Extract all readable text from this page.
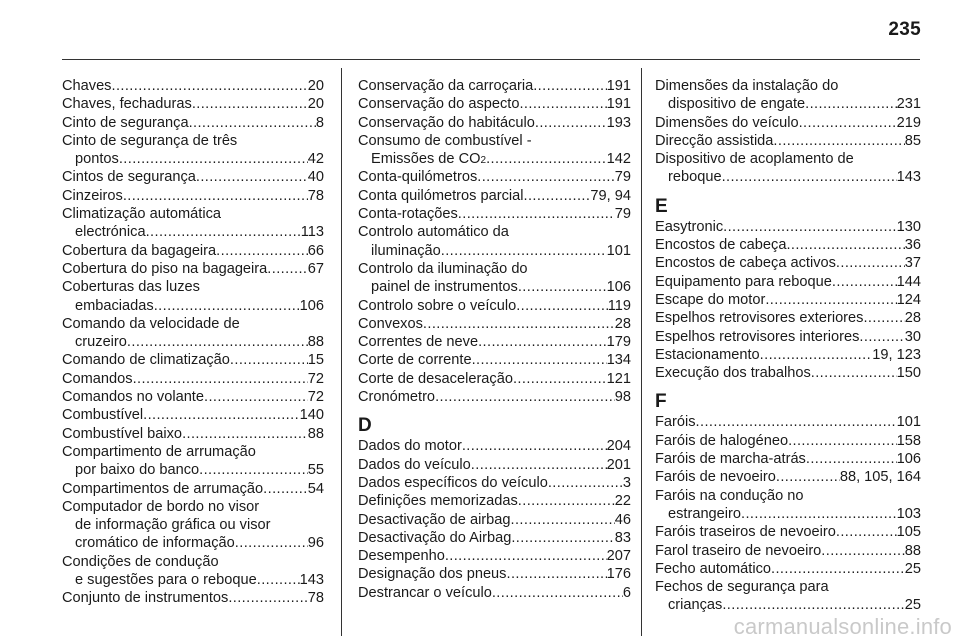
235
Chaves .....	20
Chaves, fechaduras .....	20
Cinto de segurança .....	8
Cinto de segurança de três
pontos .....	42
Cintos de segurança .....	40
Cinzeiros .....	78
Climatização automática
electrónica .....	113
Cobertura da bagageira .....	66
Cobertura do piso na bagageira .....	67
Coberturas das luzes
embaciadas .....	106
Comando da velocidade de
cruzeiro .....	88
Comando de climatização .....	15
Comandos .....	72
Comandos no volante .....	72
Combustível .....	140
Combustível baixo .....	88
Compartimento de arrumação
por baixo do banco .....	55
Compartimentos de arrumação .....	54
Computador de bordo no visor
de informação gráfica ou visor
cromático de informação .....	96
Condições de condução
e sugestões para o reboque .....	143
Conjunto de instrumentos .....	78
Conservação da carroçaria .....	191
Conservação do aspecto .....	191
Conservação do habitáculo .....	193
Consumo de combustível -
Emissões de CO 2 .....	142
Conta-quilómetros .....	79
Conta quilómetros parcial .....	79, 94
Conta-rotações .....	79
Controlo automático da
iluminação .....	101
Controlo da iluminação do
painel de instrumentos .....	106
Controlo sobre o veículo .....	119
Convexos .....	28
Correntes de neve .....	179
Corte de corrente .....	134
Corte de desaceleração .....	121
Cronómetro .....	98
D
Dados do motor .....	204
Dados do veículo .....	201
Dados específicos do veículo .....	3
Definições memorizadas .....	22
Desactivação de airbag .....	46
Desactivação do Airbag .....	83
Desempenho .....	207
Designação dos pneus .....	176
Destrancar o veículo .....	6
Dimensões da instalação do
dispositivo de engate .....	231
Dimensões do veículo .....	219
Direcção assistida .....	85
Dispositivo de acoplamento de
reboque .....	143
E
Easytronic .....	130
Encostos de cabeça .....	36
Encostos de cabeça activos .....	37
Equipamento para reboque .....	144
Escape do motor .....	124
Espelhos retrovisores exteriores .....	28
Espelhos retrovisores interiores .....	30
Estacionamento .....	19, 123
Execução dos trabalhos .....	150
F
Faróis .....	101
Faróis de halogéneo .....	158
Faróis de marcha-atrás .....	106
Faróis de nevoeiro .....	88, 105, 164
Faróis na condução no
estrangeiro .....	103
Faróis traseiros de nevoeiro .....	105
Farol traseiro de nevoeiro .....	88
Fecho automático .....	25
Fechos de segurança para
crianças .....	25
carmanualsonline.info
